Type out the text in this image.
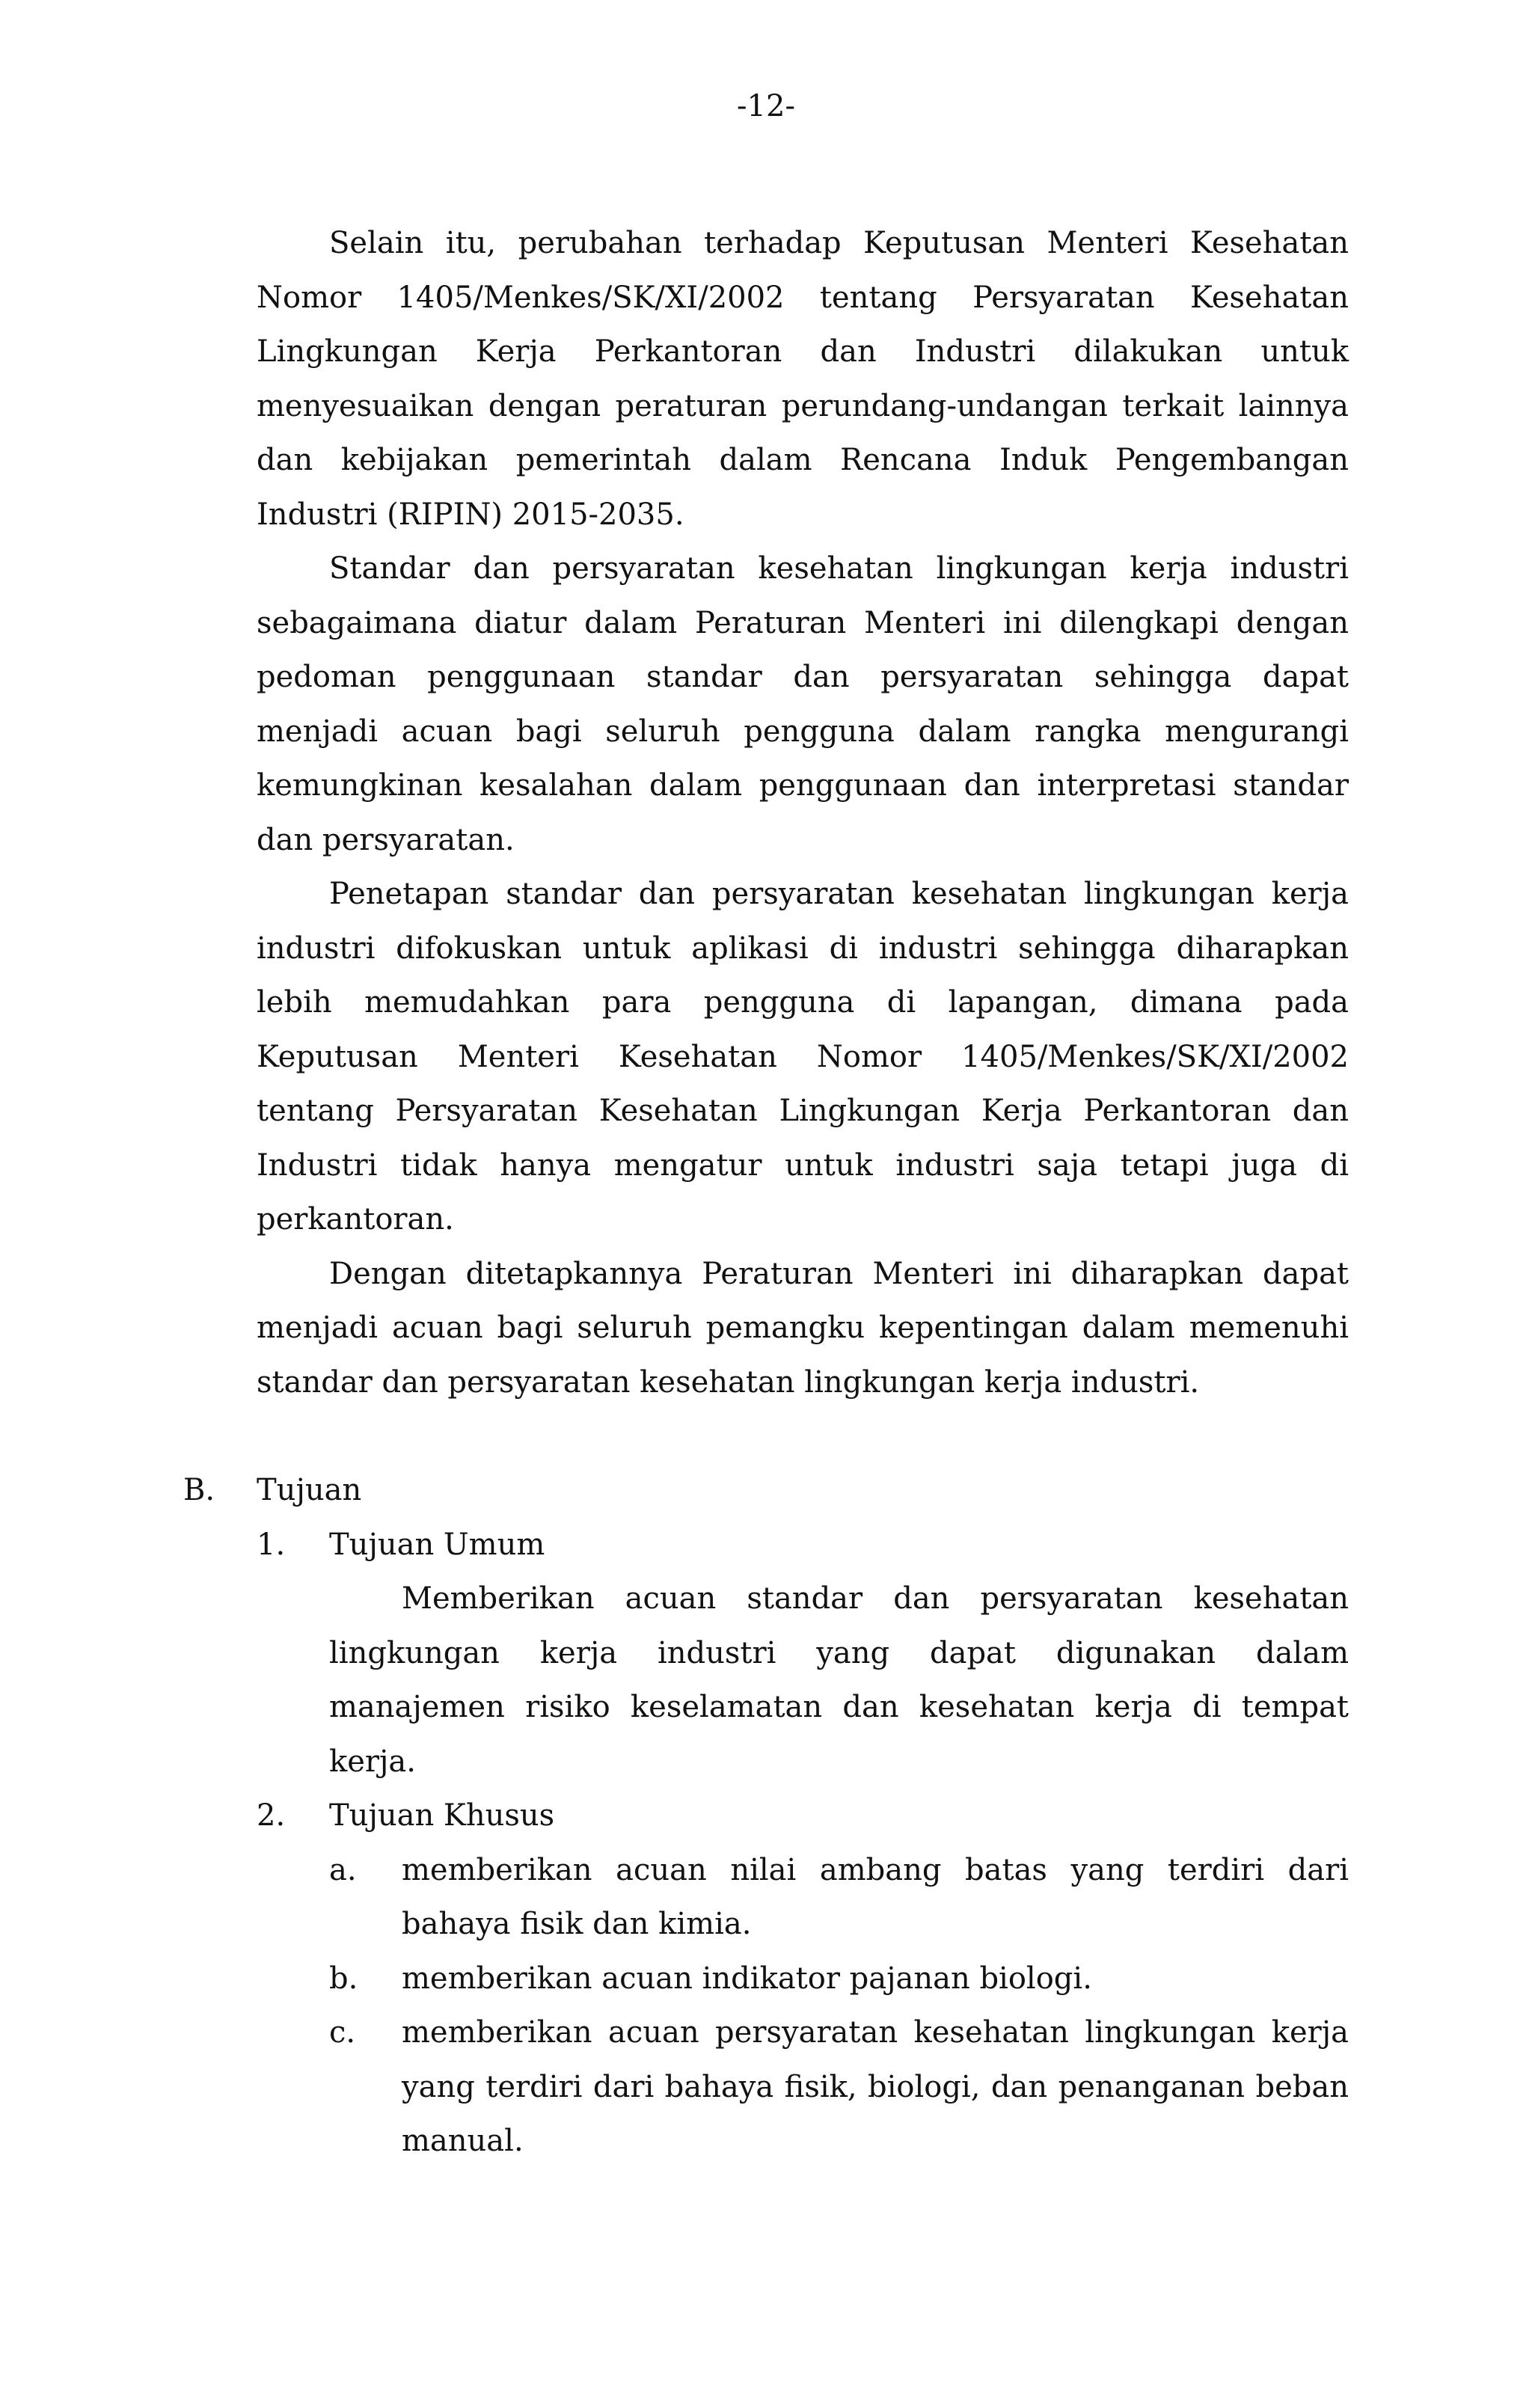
-12-

Selain itu, perubahan terhadap Keputusan Menteri Kesehatan Nomor 1405/Menkes/SK/XI/2002 tentang Persyaratan Kesehatan Lingkungan Kerja Perkantoran dan Industri dilakukan untuk menyesuaikan dengan peraturan perundang-undangan terkait lainnya dan kebijakan pemerintah dalam Rencana Induk Pengembangan Industri (RIPIN) 2015-2035.

Standar dan persyaratan kesehatan lingkungan kerja industri sebagaimana diatur dalam Peraturan Menteri ini dilengkapi dengan pedoman penggunaan standar dan persyaratan sehingga dapat menjadi acuan bagi seluruh pengguna dalam rangka mengurangi kemungkinan kesalahan dalam penggunaan dan interpretasi standar dan persyaratan.

Penetapan standar dan persyaratan kesehatan lingkungan kerja industri difokuskan untuk aplikasi di industri sehingga diharapkan lebih memudahkan para pengguna di lapangan, dimana pada Keputusan Menteri Kesehatan Nomor 1405/Menkes/SK/XI/2002 tentang Persyaratan Kesehatan Lingkungan Kerja Perkantoran dan Industri tidak hanya mengatur untuk industri saja tetapi juga di perkantoran.

Dengan ditetapkannya Peraturan Menteri ini diharapkan dapat menjadi acuan bagi seluruh pemangku kepentingan dalam memenuhi standar dan persyaratan kesehatan lingkungan kerja industri.

B. Tujuan
1. Tujuan Umum

Memberikan acuan standar dan persyaratan kesehatan lingkungan kerja industri yang dapat digunakan dalam manajemen risiko keselamatan dan kesehatan kerja di tempat kerja.

2. Tujuan Khusus
a. memberikan acuan nilai ambang batas yang terdiri dari bahaya fisik dan kimia.
b. memberikan acuan indikator pajanan biologi.
c. memberikan acuan persyaratan kesehatan lingkungan kerja yang terdiri dari bahaya fisik, biologi, dan penanganan beban manual.
